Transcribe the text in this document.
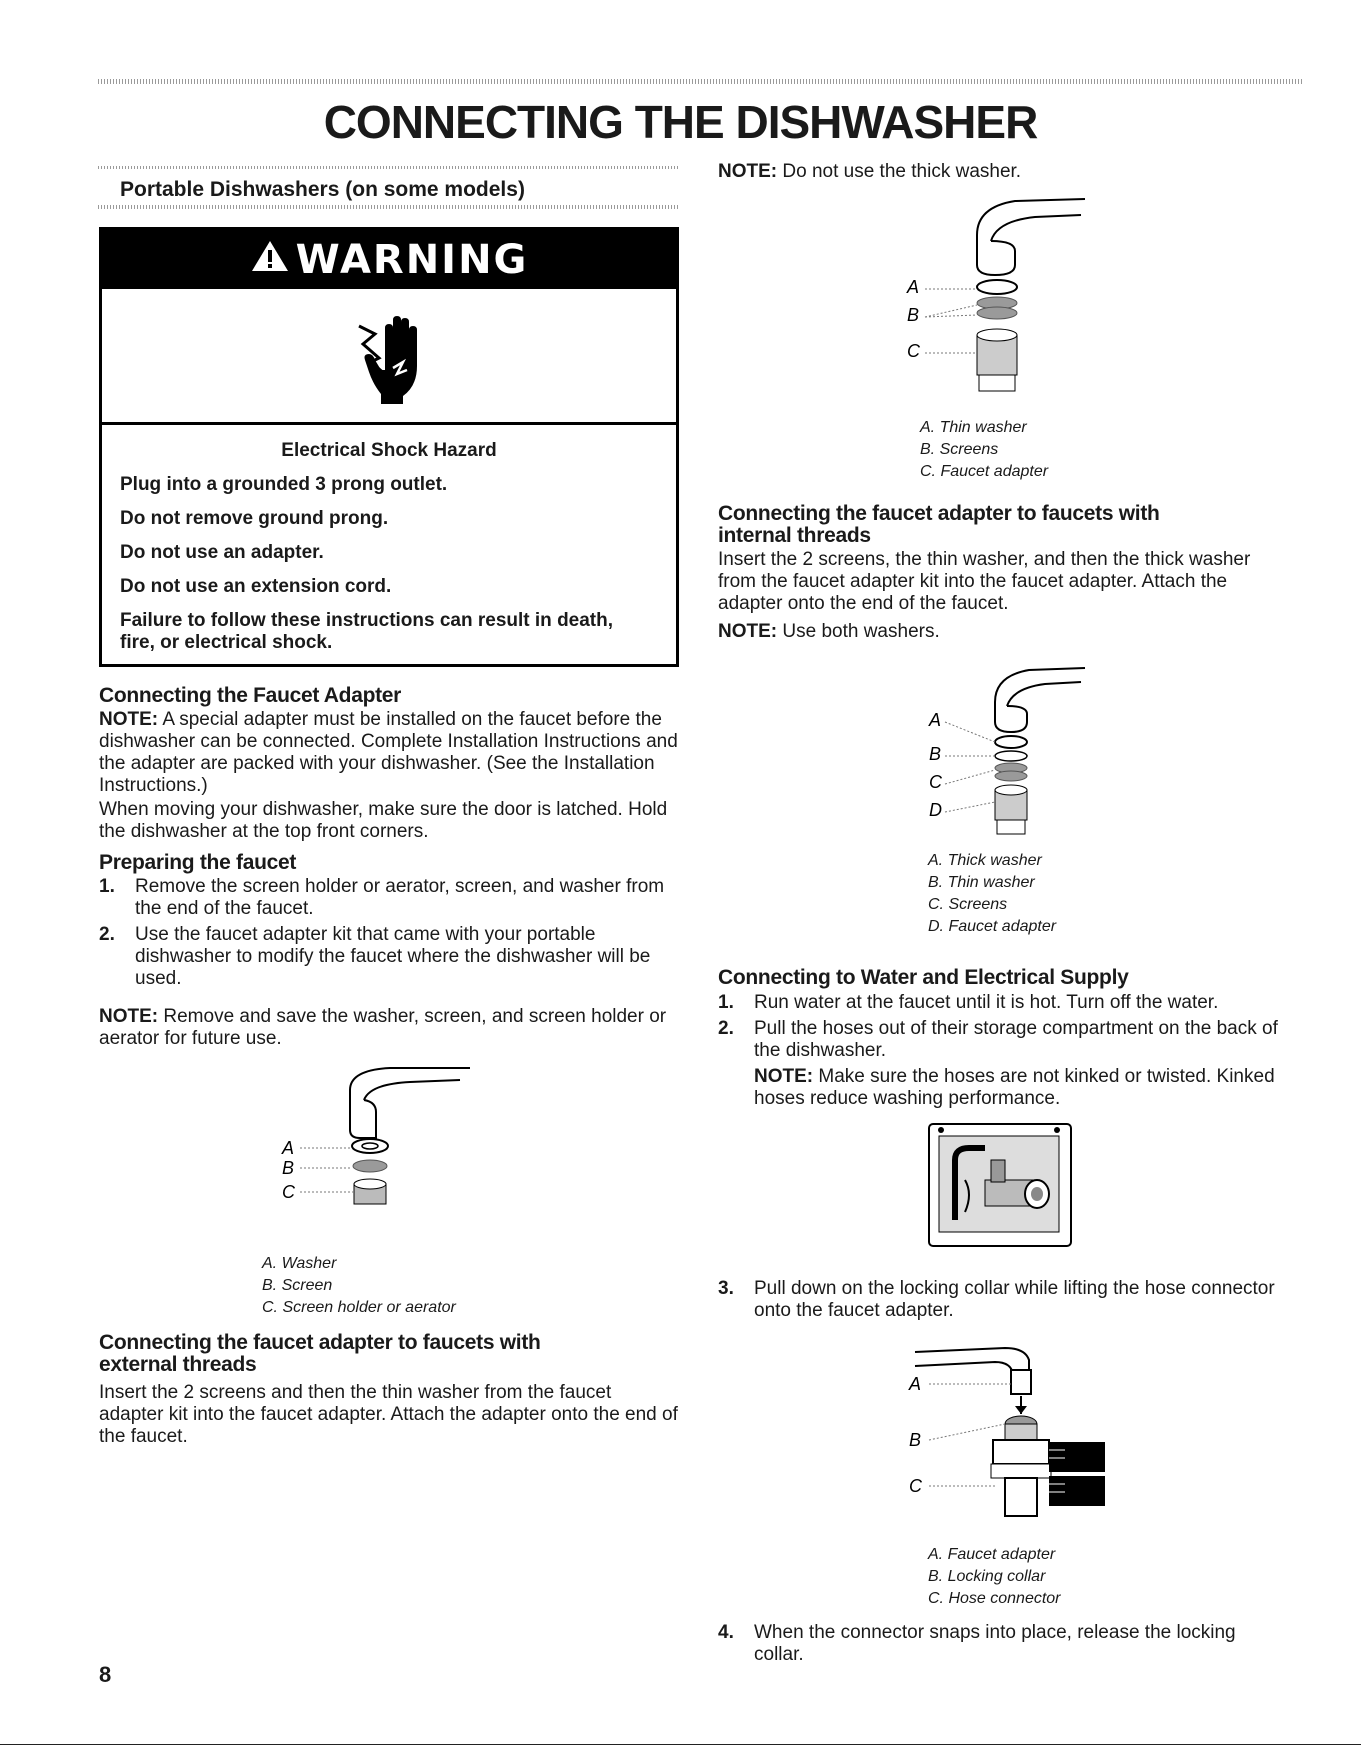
CONNECTING THE DISHWASHER
Portable Dishwashers (on some models)
WARNING
Electrical Shock Hazard
Plug into a grounded 3 prong outlet.
Do not remove ground prong.
Do not use an adapter.
Do not use an extension cord.
Failure to follow these instructions can result in death, fire, or electrical shock.
Connecting the Faucet Adapter
NOTE: A special adapter must be installed on the faucet before the dishwasher can be connected. Complete Installation Instructions and the adapter are packed with your dishwasher. (See the Installation Instructions.)
When moving your dishwasher, make sure the door is latched. Hold the dishwasher at the top front corners.
Preparing the faucet
1. Remove the screen holder or aerator, screen, and washer from the end of the faucet.
2. Use the faucet adapter kit that came with your portable dishwasher to modify the faucet where the dishwasher will be used.
NOTE: Remove and save the washer, screen, and screen holder or aerator for future use.
A
B
C
A. Washer
B. Screen
C. Screen holder or aerator
Connecting the faucet adapter to faucets with external threads
Insert the 2 screens and then the thin washer from the faucet adapter kit into the faucet adapter. Attach the adapter onto the end of the faucet.
8
NOTE: Do not use the thick washer.
A
B
C
A. Thin washer
B. Screens
C. Faucet adapter
Connecting the faucet adapter to faucets with internal threads
Insert the 2 screens, the thin washer, and then the thick washer from the faucet adapter kit into the faucet adapter. Attach the adapter onto the end of the faucet.
NOTE: Use both washers.
A
B
C
D
A. Thick washer
B. Thin washer
C. Screens
D. Faucet adapter
Connecting to Water and Electrical Supply
1. Run water at the faucet until it is hot. Turn off the water.
2. Pull the hoses out of their storage compartment on the back of the dishwasher.
NOTE: Make sure the hoses are not kinked or twisted. Kinked hoses reduce washing performance.
3. Pull down on the locking collar while lifting the hose connector onto the faucet adapter.
A
B
C
A. Faucet adapter
B. Locking collar
C. Hose connector
4. When the connector snaps into place, release the locking collar.
